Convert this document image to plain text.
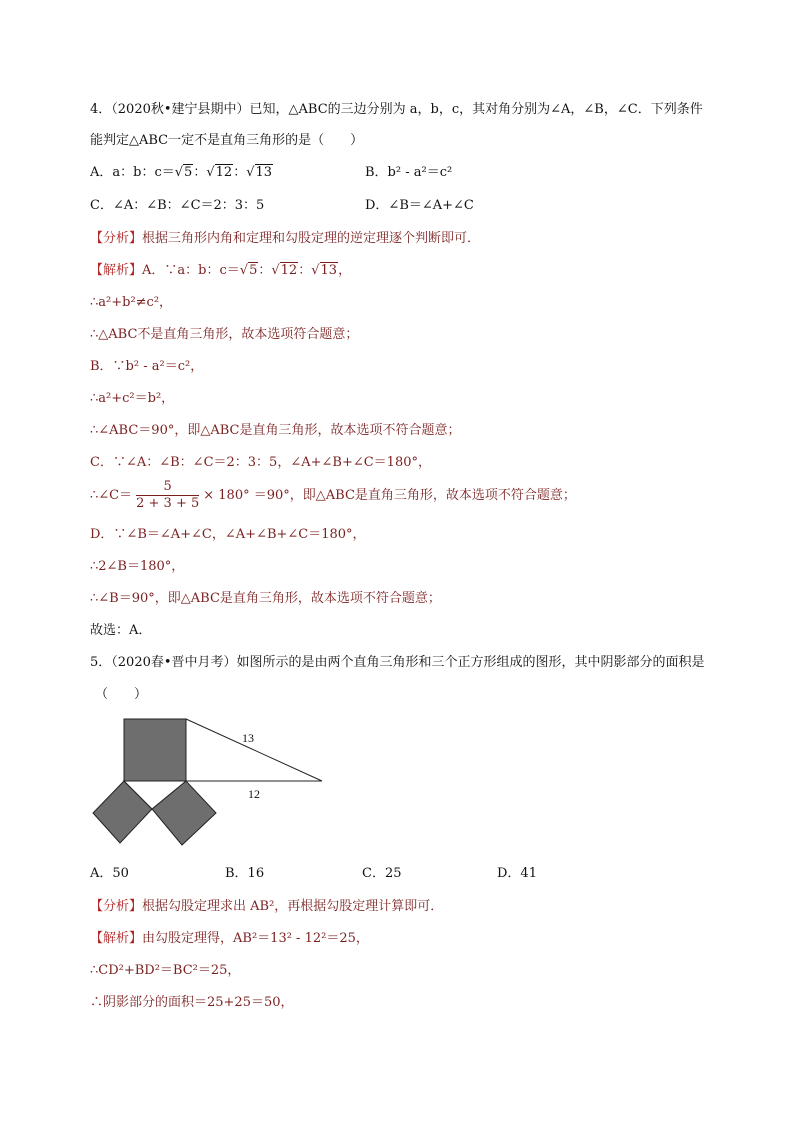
4．（2020秋•建宁县期中）已知，△ABC的三边分别为 a，b，c，其对角分别为∠A，∠B，∠C．下列条件
能判定△ABC一定不是直角三角形的是（　　）
A．a：b：c＝√5：√12：√13	B．b² - a²＝c²
C．∠A：∠B：∠C＝2：3：5	D．∠B＝∠A+∠C
【分析】根据三角形内角和定理和勾股定理的逆定理逐个判断即可．
【解析】A．∵a：b：c＝√5：√12：√13，
∴a²+b²≠c²，
∴△ABC不是直角三角形，故本选项符合题意；
B．∵b² - a²＝c²，
∴a²+c²＝b²，
∴∠ABC＝90°，即△ABC是直角三角形，故本选项不符合题意；
C．∵∠A：∠B：∠C＝2：3：5，∠A+∠B+∠C＝180°，
∴∠C＝ $\frac{5}{2 + 3 + 5} \times 180^\circ =90^\circ$，即△ABC是直角三角形，故本选项不符合题意；
D．∵∠B＝∠A+∠C，∠A+∠B+∠C＝180°，
∴2∠B＝180°，
∴∠B＝90°，即△ABC是直角三角形，故本选项不符合题意；
故选：A．
5．（2020春•晋中月考）如图所示的是由两个直角三角形和三个正方形组成的图形，其中阴影部分的面积是
（　　）
13
12
A．50	B．16	C．25	D．41
【分析】根据勾股定理求出 AB²，再根据勾股定理计算即可．
【解析】由勾股定理得，AB²＝13² - 12²＝25，
∴CD²+BD²＝BC²＝25，
∴阴影部分的面积＝25+25＝50，
